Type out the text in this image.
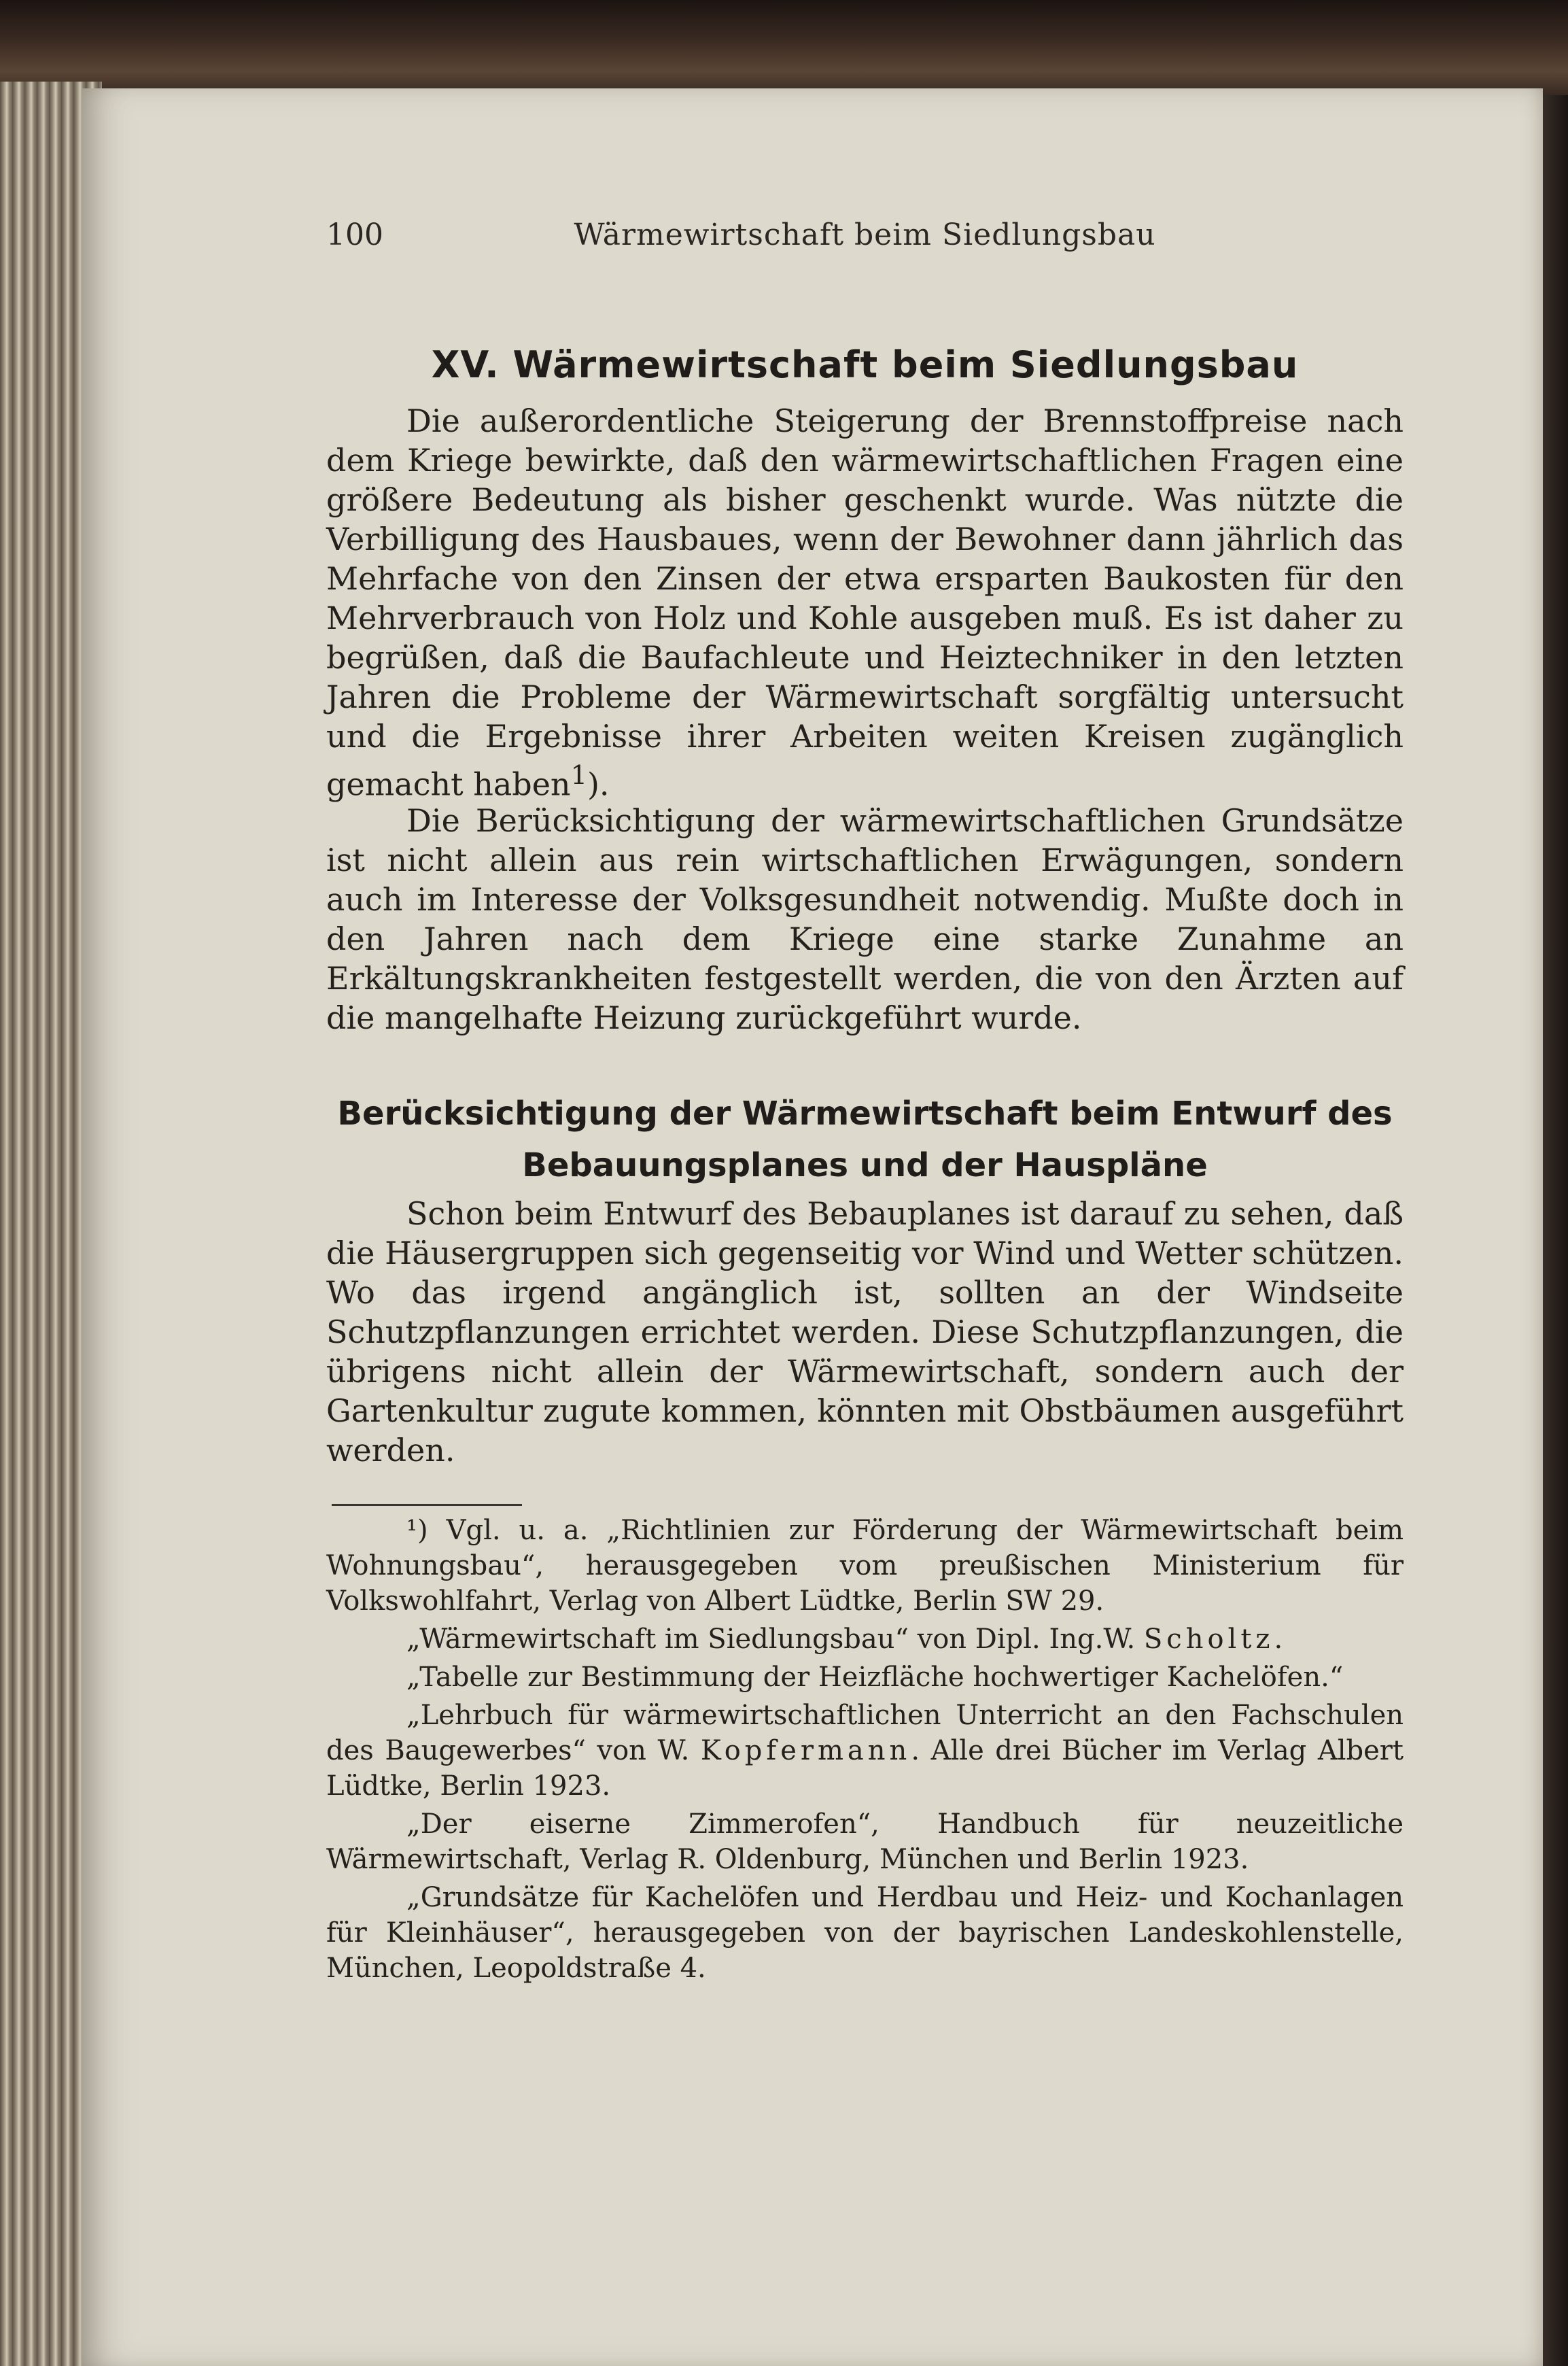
100	Wärmewirtschaft beim Siedlungsbau
XV. Wärmewirtschaft beim Siedlungsbau

Die außerordentliche Steigerung der Brennstoffpreise nach dem Kriege bewirkte, daß den wärmewirtschaftlichen Fragen eine größere Bedeutung als bisher geschenkt wurde. Was nützte die Verbilligung des Hausbaues, wenn der Bewohner dann jährlich das Mehrfache von den Zinsen der etwa ersparten Baukosten für den Mehrverbrauch von Holz und Kohle ausgeben muß. Es ist daher zu begrüßen, daß die Baufachleute und Heiztechniker in den letzten Jahren die Probleme der Wärmewirtschaft sorgfältig untersucht und die Ergebnisse ihrer Arbeiten weiten Kreisen zugänglich gemacht haben$^1$).

Die Berücksichtigung der wärmewirtschaftlichen Grundsätze ist nicht allein aus rein wirtschaftlichen Erwägungen, sondern auch im Interesse der Volksgesundheit notwendig. Mußte doch in den Jahren nach dem Kriege eine starke Zunahme an Erkältungskrankheiten festgestellt werden, die von den Ärzten auf die mangelhafte Heizung zurückgeführt wurde.

Berücksichtigung der Wärmewirtschaft beim Entwurf des
Bebauungsplanes und der Hauspläne

Schon beim Entwurf des Bebauplanes ist darauf zu sehen, daß die Häusergruppen sich gegenseitig vor Wind und Wetter schützen. Wo das irgend angänglich ist, sollten an der Windseite Schutzpflanzungen errichtet werden. Diese Schutzpflanzungen, die übrigens nicht allein der Wärmewirtschaft, sondern auch der Gartenkultur zugute kommen, könnten mit Obstbäumen ausgeführt werden.

¹) Vgl. u. a. „Richtlinien zur Förderung der Wärmewirtschaft beim Wohnungsbau“, herausgegeben vom preußischen Ministerium für Volkswohlfahrt, Verlag von Albert Lüdtke, Berlin SW 29.

„Wärmewirtschaft im Siedlungsbau“ von Dipl. Ing.W. Scholtz.

„Tabelle zur Bestimmung der Heizfläche hochwertiger Kachelöfen.“

„Lehrbuch für wärmewirtschaftlichen Unterricht an den Fachschulen des Baugewerbes“ von W. Kopfermann. Alle drei Bücher im Verlag Albert Lüdtke, Berlin 1923.

„Der eiserne Zimmerofen“, Handbuch für neuzeitliche Wärmewirtschaft, Verlag R. Oldenburg, München und Berlin 1923.

„Grundsätze für Kachelöfen und Herdbau und Heiz- und Kochanlagen für Kleinhäuser“, herausgegeben von der bayrischen Landeskohlenstelle, München, Leopoldstraße 4.
